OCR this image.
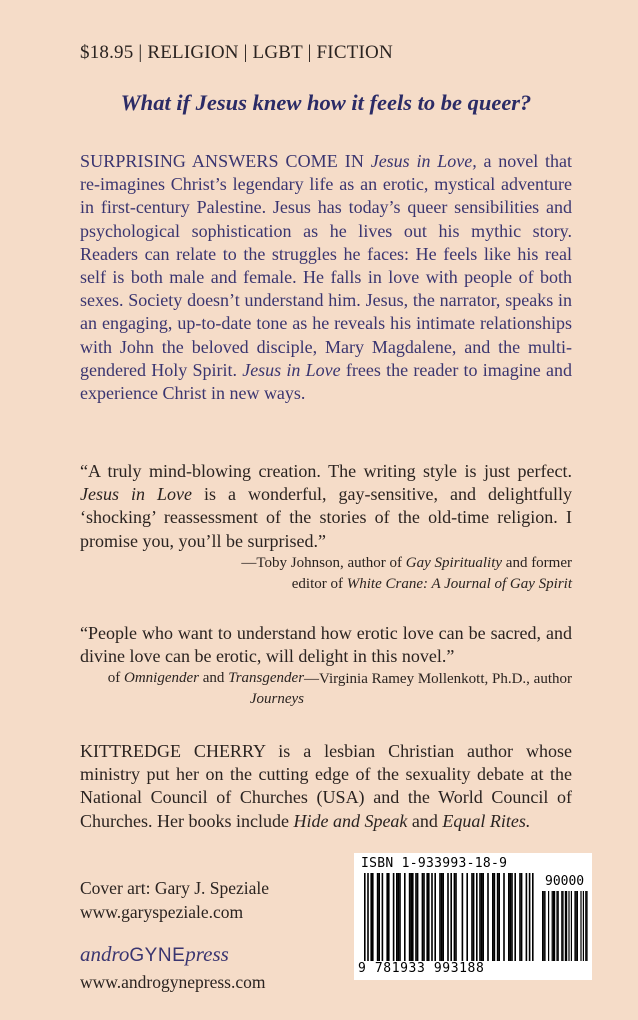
$18.95 | RELIGION | LGBT | FICTION
What if Jesus knew how it feels to be queer?
SURPRISING ANSWERS COME IN Jesus in Love, a novel that re-imagines Christ’s legendary life as an erotic, mystical adventure in first-century Palestine. Jesus has today’s queer sensibilities and psychological sophistication as he lives out his mythic story. Readers can relate to the struggles he faces: He feels like his real self is both male and female. He falls in love with people of both sexes. Society doesn’t understand him. Jesus, the narrator, speaks in an engaging, up-to-date tone as he reveals his intimate relationships with John the beloved disciple, Mary Magdalene, and the multi-gendered Holy Spirit. Jesus in Love frees the reader to imagine and experience Christ in new ways.
“A truly mind-blowing creation. The writing style is just perfect. Jesus in Love is a wonderful, gay-sensitive, and delightfully ‘shocking’ reassessment of the stories of the old-time religion. I promise you, you’ll be surprised.”
—Toby Johnson, author of Gay Spirituality and former
editor of White Crane: A Journal of Gay Spirit
“People who want to understand how erotic love can be sacred, and divine love can be erotic, will delight in this novel.”
—Virginia Ramey Mollenkott, Ph.D., author
of Omnigender and Transgender Journeys
KITTREDGE CHERRY is a lesbian Christian author whose ministry put her on the cutting edge of the sexuality debate at the National Council of Churches (USA) and the World Council of Churches. Her books include Hide and Speak and Equal Rites.
Cover art: Gary J. Speziale
www.garyspeziale.com
androGYNEpress
www.androgynepress.com
ISBN 1-933993-18-9
90000
9 781933 993188
